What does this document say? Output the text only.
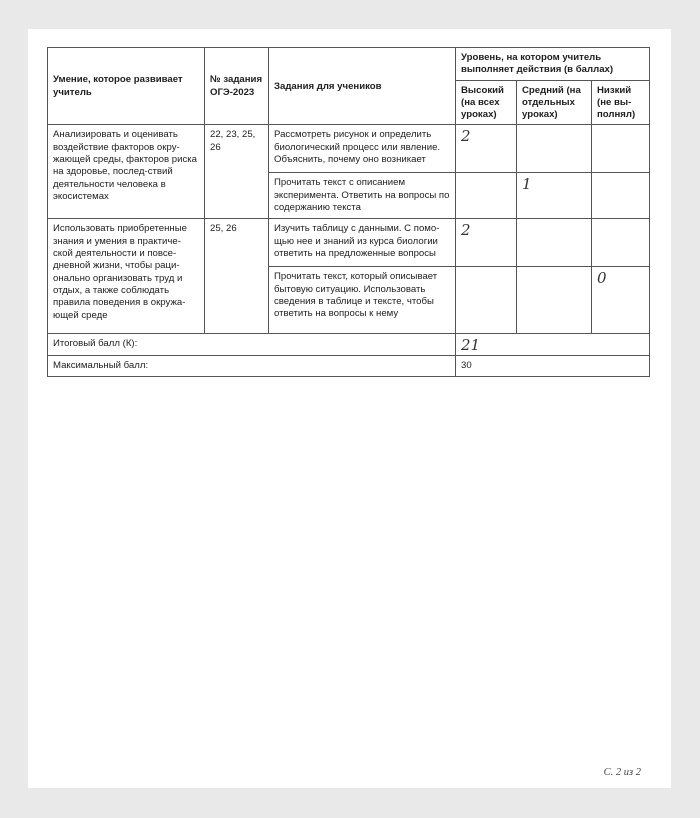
Умение, которое развивает учитель	№ задания ОГЭ-2023	Задания для учеников	Уровень, на котором учитель выполняет действия (в баллах)		
			Высокий (на всех уроках)	Средний (на отдельных уроках)	Низкий (не вы-полнял)
Анализировать и оценивать воздействие факторов окру-жающей среды, факторов риска на здоровье, послед-ствий деятельности человека в экосистемах	22, 23, 25, 26	Рассмотреть рисунок и определить биологический процесс или явление. Объяснить, почему оно возникает	2		
		Прочитать текст с описанием эксперимента. Ответить на вопросы по содержанию текста		1	
Использовать приобретенные знания и умения в практиче-ской деятельности и повсе-дневной жизни, чтобы раци-онально организовать труд и отдых, а также соблюдать правила поведения в окружа-ющей среде	25, 26	Изучить таблицу с данными. С помо-щью нее и знаний из курса биологии ответить на предложенные вопросы	2		
		Прочитать текст, который описывает бытовую ситуацию. Использовать сведения в таблице и тексте, чтобы ответить на вопросы к нему			0
Итоговый балл (К):			21		
Максимальный балл:			30		
С. 2 из 2
